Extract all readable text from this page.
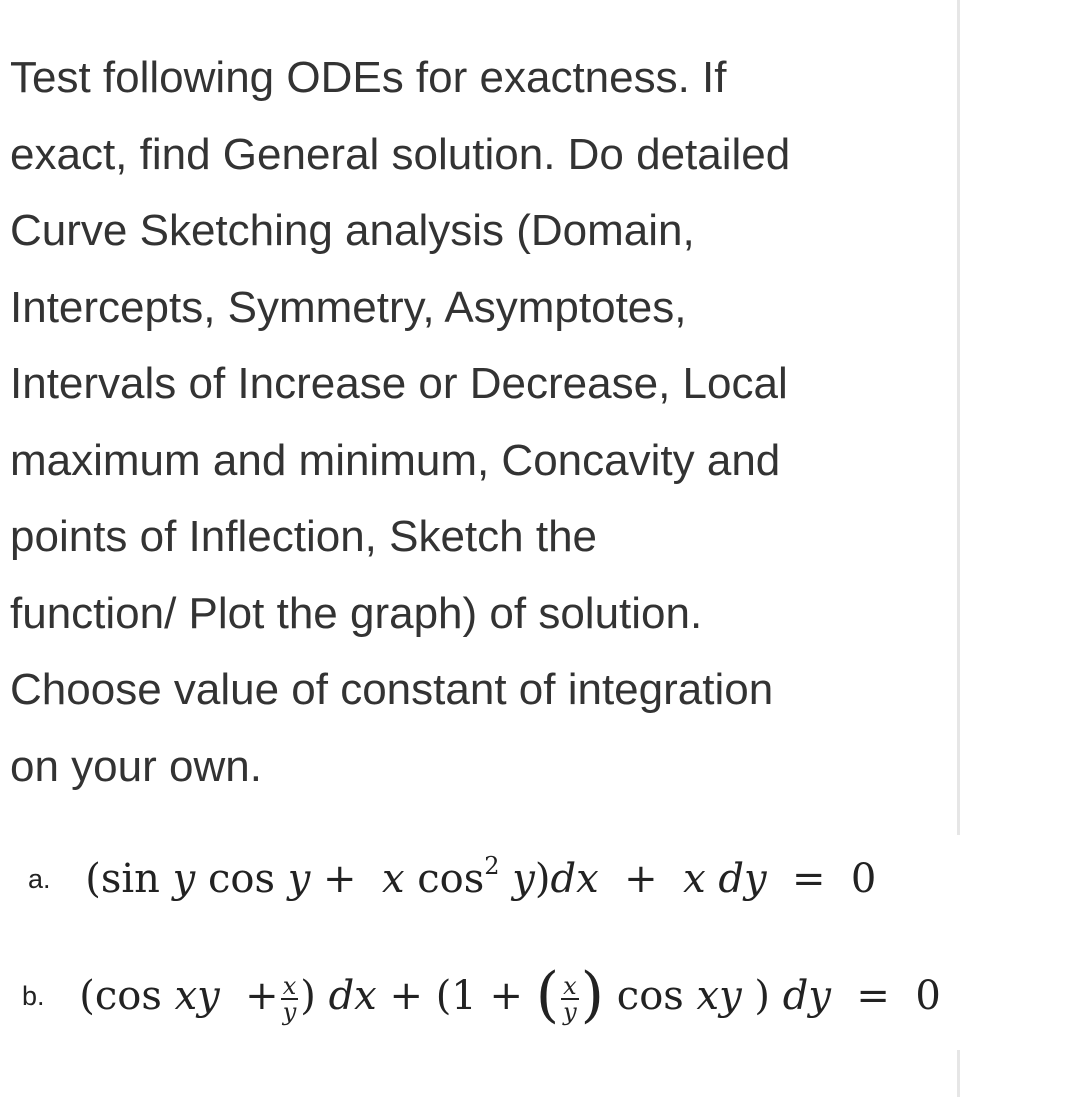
Test following ODEs for exactness. If
exact, find General solution. Do detailed
Curve Sketching analysis (Domain,
Intercepts, Symmetry, Asymptotes,
Intervals of Increase or Decrease, Local
maximum and minimum, Concavity and
points of Inflection, Sketch the
function/ Plot the graph) of solution.
Choose value of constant of integration
on your own.
a. (sin y cos y +  x $\cos^2 y)dx + x$ dy  =  0
b. (cos xy  + $\frac{x}{y}$ ) dx + (1 + ( $\frac{x}{y}$ ) cos xy ) dy  =  0
